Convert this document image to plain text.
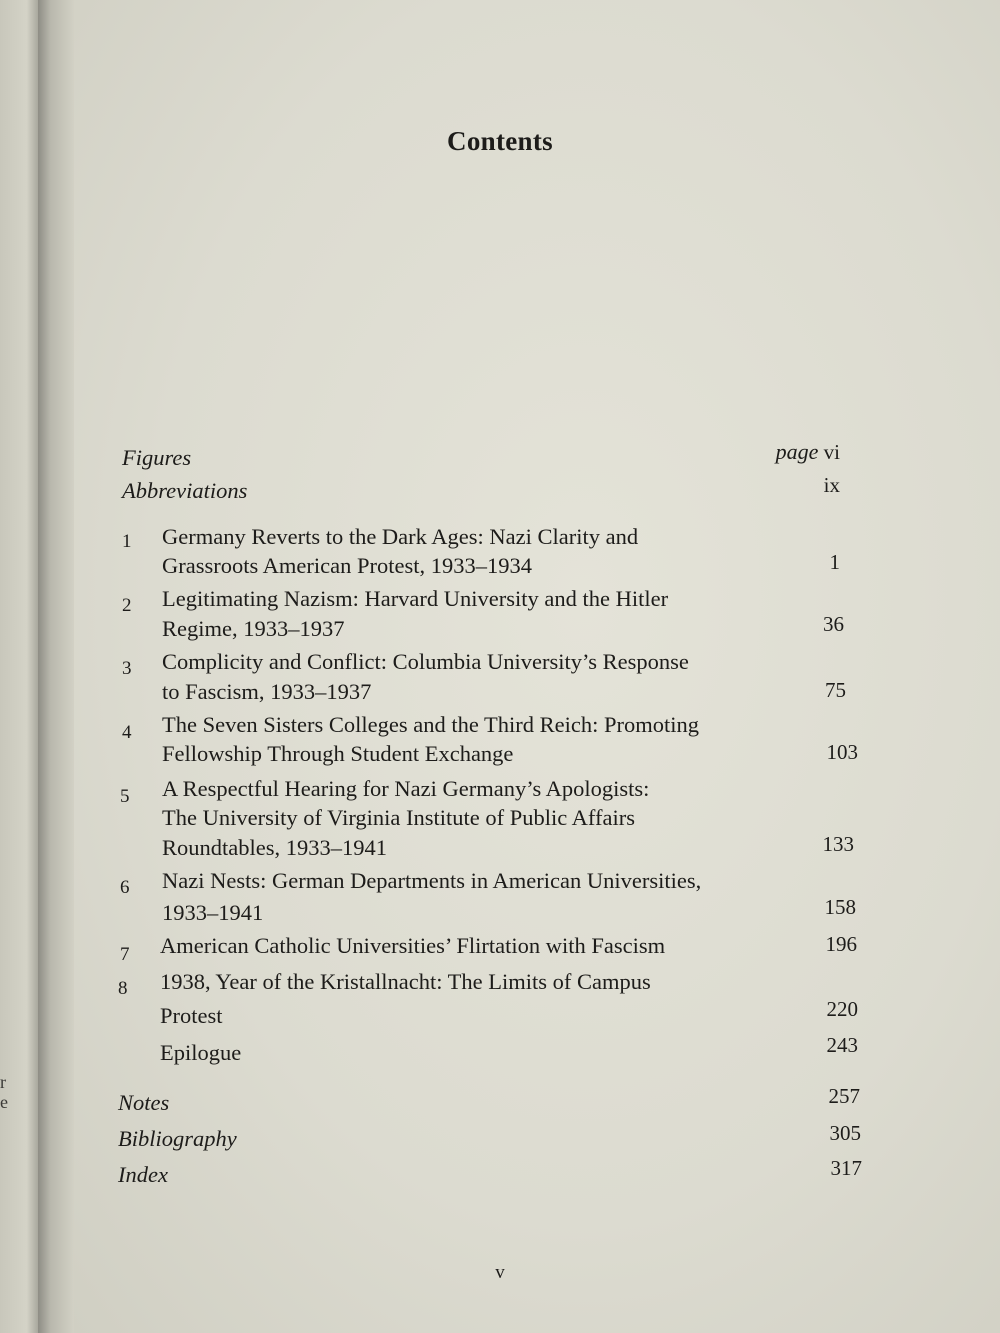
r
e
Contents
Figures	page vi
Abbreviations	ix
1 Germany Reverts to the Dark Ages: Nazi Clarity and
Grassroots American Protest, 1933–1934	1
2 Legitimating Nazism: Harvard University and the Hitler
Regime, 1933–1937	36
3 Complicity and Conflict: Columbia University’s Response
to Fascism, 1933–1937	75
4 The Seven Sisters Colleges and the Third Reich: Promoting
Fellowship Through Student Exchange	103
5 A Respectful Hearing for Nazi Germany’s Apologists:
The University of Virginia Institute of Public Affairs
Roundtables, 1933–1941	133
6 Nazi Nests: German Departments in American Universities,
1933–1941	158
7 American Catholic Universities’ Flirtation with Fascism	196
8 1938, Year of the Kristallnacht: The Limits of Campus
Protest	220
Epilogue	243
Notes	257
Bibliography	305
Index	317
v
